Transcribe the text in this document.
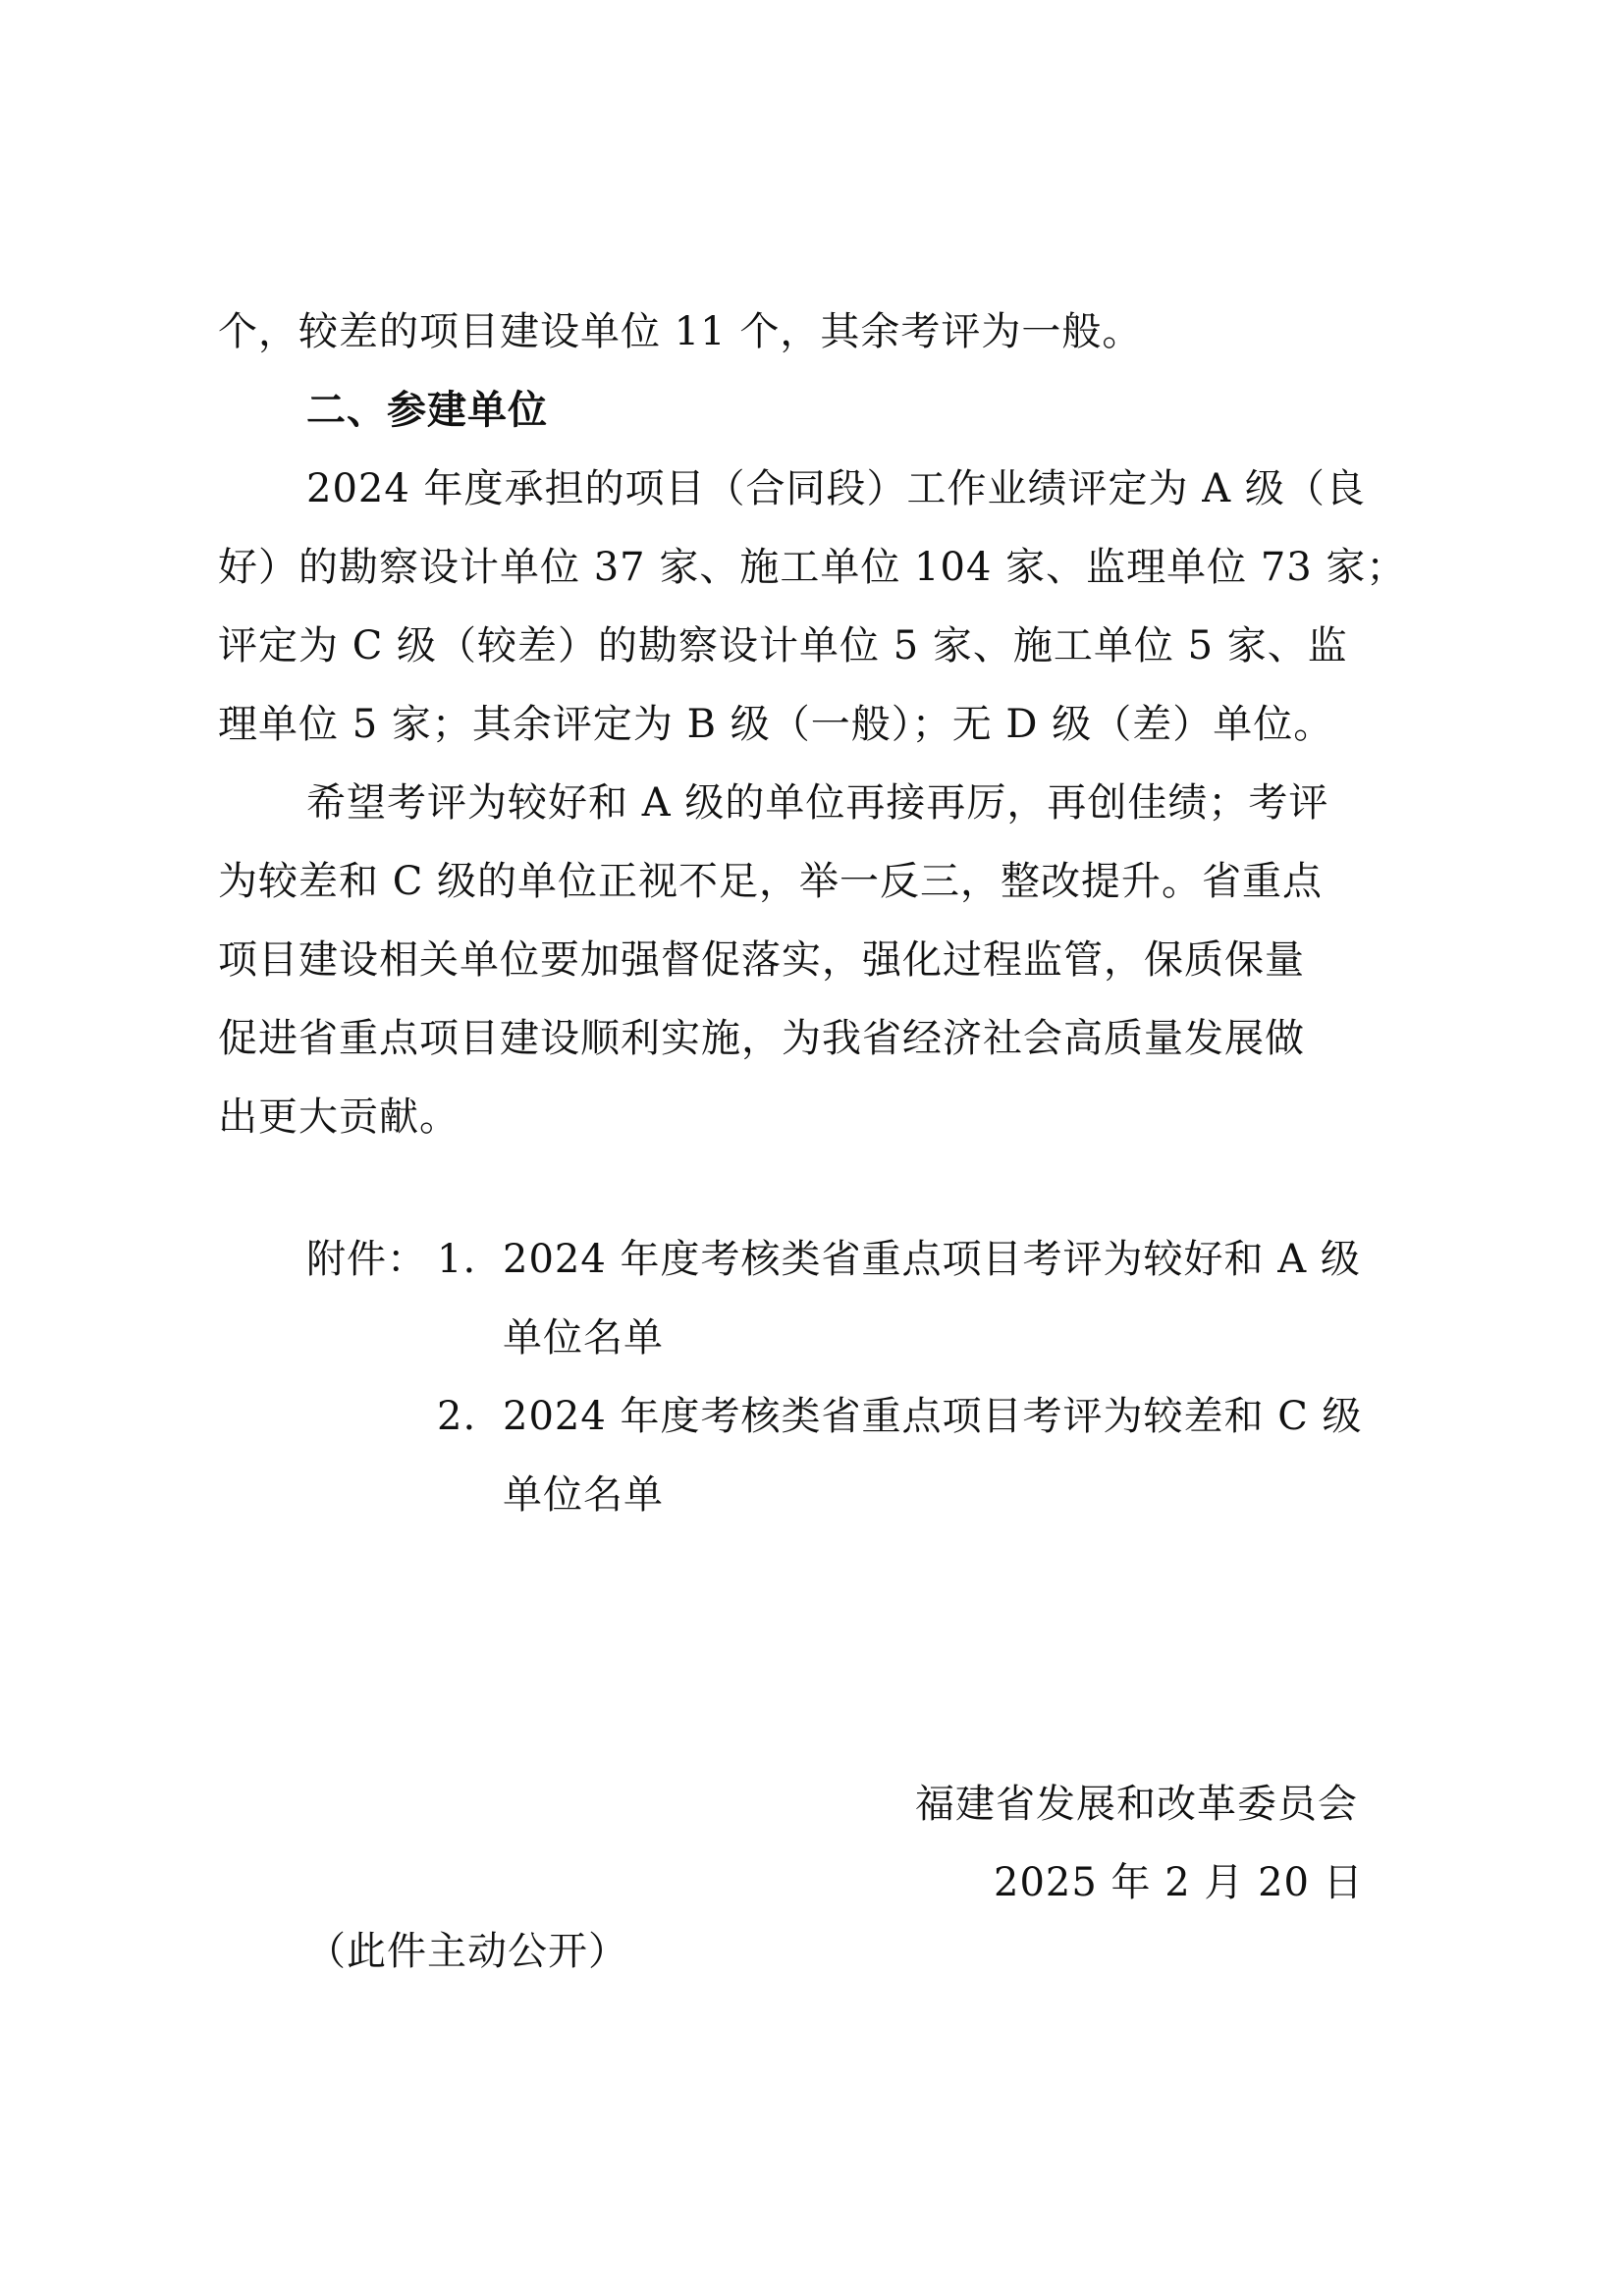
个，较差的项目建设单位 11 个，其余考评为一般。
二、参建单位
2024 年度承担的项目（合同段）工作业绩评定为 A 级（良
好）的勘察设计单位 37 家、施工单位 104 家、监理单位 73 家；
评定为 C 级（较差）的勘察设计单位 5 家、施工单位 5 家、监
理单位 5 家；其余评定为 B 级（一般）；无 D 级（差）单位。
希望考评为较好和 A 级的单位再接再厉，再创佳绩；考评
为较差和 C 级的单位正视不足，举一反三，整改提升。省重点
项目建设相关单位要加强督促落实，强化过程监管，保质保量
促进省重点项目建设顺利实施，为我省经济社会高质量发展做
出更大贡献。
附件： 1. 2024 年度考核类省重点项目考评为较好和 A 级
单位名单
2. 2024 年度考核类省重点项目考评为较差和 C 级
单位名单
福建省发展和改革委员会
2025 年 2 月 20 日
（此件主动公开）
